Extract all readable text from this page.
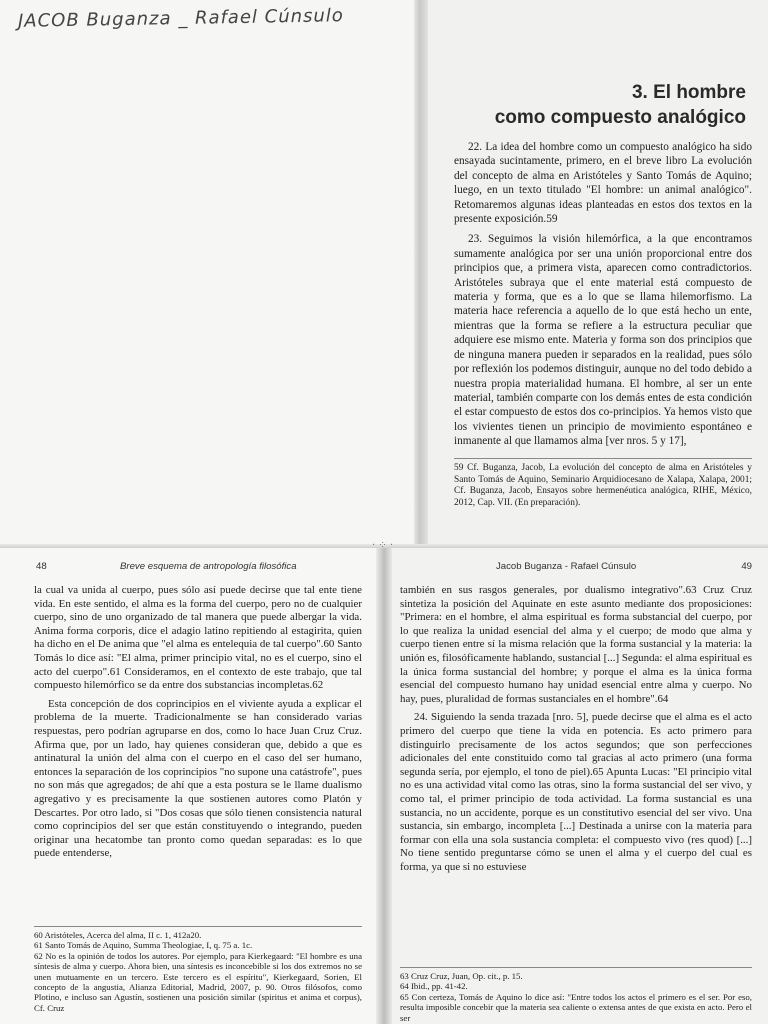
JACOB Buganza _ Rafael Cúnsulo
3. El hombre
como compuesto analógico

22. La idea del hombre como un compuesto analógico ha sido ensayada sucintamente, primero, en el breve libro La evolución del concepto de alma en Aristóteles y Santo Tomás de Aquino; luego, en un texto titulado "El hombre: un animal analógico". Retomaremos algunas ideas planteadas en estos dos textos en la presente exposición.59

23. Seguimos la visión hilemórfica, a la que encontramos sumamente analógica por ser una unión proporcional entre dos principios que, a primera vista, aparecen como contradictorios. Aristóteles subraya que el ente material está compuesto de materia y forma, que es a lo que se llama hilemorfismo. La materia hace referencia a aquello de lo que está hecho un ente, mientras que la forma se refiere a la estructura peculiar que adquiere ese mismo ente. Materia y forma son dos principios que de ninguna manera pueden ir separados en la realidad, pues sólo por reflexión los podemos distinguir, aunque no del todo debido a nuestra propia materialidad humana. El hombre, al ser un ente material, también comparte con los demás entes de esta condición el estar compuesto de estos dos co-principios. Ya hemos visto que los vivientes tienen un principio de movimiento espontáneo e inmanente al que llamamos alma [ver nros. 5 y 17],

59 Cf. Buganza, Jacob, La evolución del concepto de alma en Aristóteles y Santo Tomás de Aquino, Seminario Arquidiocesano de Xalapa, Xalapa, 2001; Cf. Buganza, Jacob, Ensayos sobre hermenéutica analógica, RIHE, México, 2012, Cap. VII. (En preparación).

· ⁘ ·
48	Breve esquema de antropología filosófica

la cual va unida al cuerpo, pues sólo así puede decirse que tal ente tiene vida. En este sentido, el alma es la forma del cuerpo, pero no de cualquier cuerpo, sino de uno organizado de tal manera que puede albergar la vida. Anima forma corporis, dice el adagio latino repitiendo al estagirita, quien ha dicho en el De anima que "el alma es entelequia de tal cuerpo".60 Santo Tomás lo dice así: "El alma, primer principio vital, no es el cuerpo, sino el acto del cuerpo".61 Consideramos, en el contexto de este trabajo, que tal compuesto hilemórfico se da entre dos substancias incompletas.62

Esta concepción de dos coprincipios en el viviente ayuda a explicar el problema de la muerte. Tradicionalmente se han considerado varias respuestas, pero podrían agruparse en dos, como lo hace Juan Cruz Cruz. Afirma que, por un lado, hay quienes consideran que, debido a que es antinatural la unión del alma con el cuerpo en el caso del ser humano, entonces la separación de los coprincipios "no supone una catástrofe", pues no son más que agregados; de ahí que a esta postura se le llame dualismo agregativo y es precisamente la que sostienen autores como Platón y Descartes. Por otro lado, si "Dos cosas que sólo tienen consistencia natural como coprincipios del ser que están constituyendo o integrando, pueden originar una hecatombe tan pronto como quedan separadas: es lo que puede entenderse,

60 Aristóteles, Acerca del alma, II c. 1, 412a20.

61 Santo Tomás de Aquino, Summa Theologiae, I, q. 75 a. 1c.

62 No es la opinión de todos los autores. Por ejemplo, para Kierkegaard: "El hombre es una síntesis de alma y cuerpo. Ahora bien, una síntesis es inconcebible si los dos extremos no se unen mutuamente en un tercero. Este tercero es el espíritu", Kierkegaard, Sorien, El concepto de la angustia, Alianza Editorial, Madrid, 2007, p. 90. Otros filósofos, como Plotino, e incluso san Agustín, sostienen una posición similar (spiritus et anima et corpus), Cf. Cruz

Jacob Buganza - Rafael Cúnsulo	49

también en sus rasgos generales, por dualismo integrativo".63 Cruz Cruz sintetiza la posición del Aquinate en este asunto mediante dos proposiciones: "Primera: en el hombre, el alma espiritual es forma substancial del cuerpo, por lo que realiza la unidad esencial del alma y el cuerpo; de modo que alma y cuerpo tienen entre sí la misma relación que la forma sustancial y la materia: la unión es, filosóficamente hablando, sustancial [...] Segunda: el alma espiritual es la única forma sustancial del hombre; y porque el alma es la única forma esencial del compuesto humano hay unidad esencial entre alma y cuerpo. No hay, pues, pluralidad de formas sustanciales en el hombre".64

24. Siguiendo la senda trazada [nro. 5], puede decirse que el alma es el acto primero del cuerpo que tiene la vida en potencia. Es acto primero para distinguirlo precisamente de los actos segundos; que son perfecciones adicionales del ente constituido como tal gracias al acto primero (una forma segunda sería, por ejemplo, el tono de piel).65 Apunta Lucas: "El principio vital no es una actividad vital como las otras, sino la forma sustancial del ser vivo, y como tal, el primer principio de toda actividad. La forma sustancial es una sustancia, no un accidente, porque es un constitutivo esencial del ser vivo. Una sustancia, sin embargo, incompleta [...] Destinada a unirse con la materia para formar con ella una sola sustancia completa: el compuesto vivo (res quod) [...] No tiene sentido preguntarse cómo se unen el alma y el cuerpo del cual es forma, ya que si no estuviese

63 Cruz Cruz, Juan, Op. cit., p. 15.

64 Ibid., pp. 41-42.

65 Con certeza, Tomás de Aquino lo dice así: "Entre todos los actos el primero es el ser. Por eso, resulta imposible concebir que la materia sea caliente o extensa antes de que exista en acto. Pero el ser
